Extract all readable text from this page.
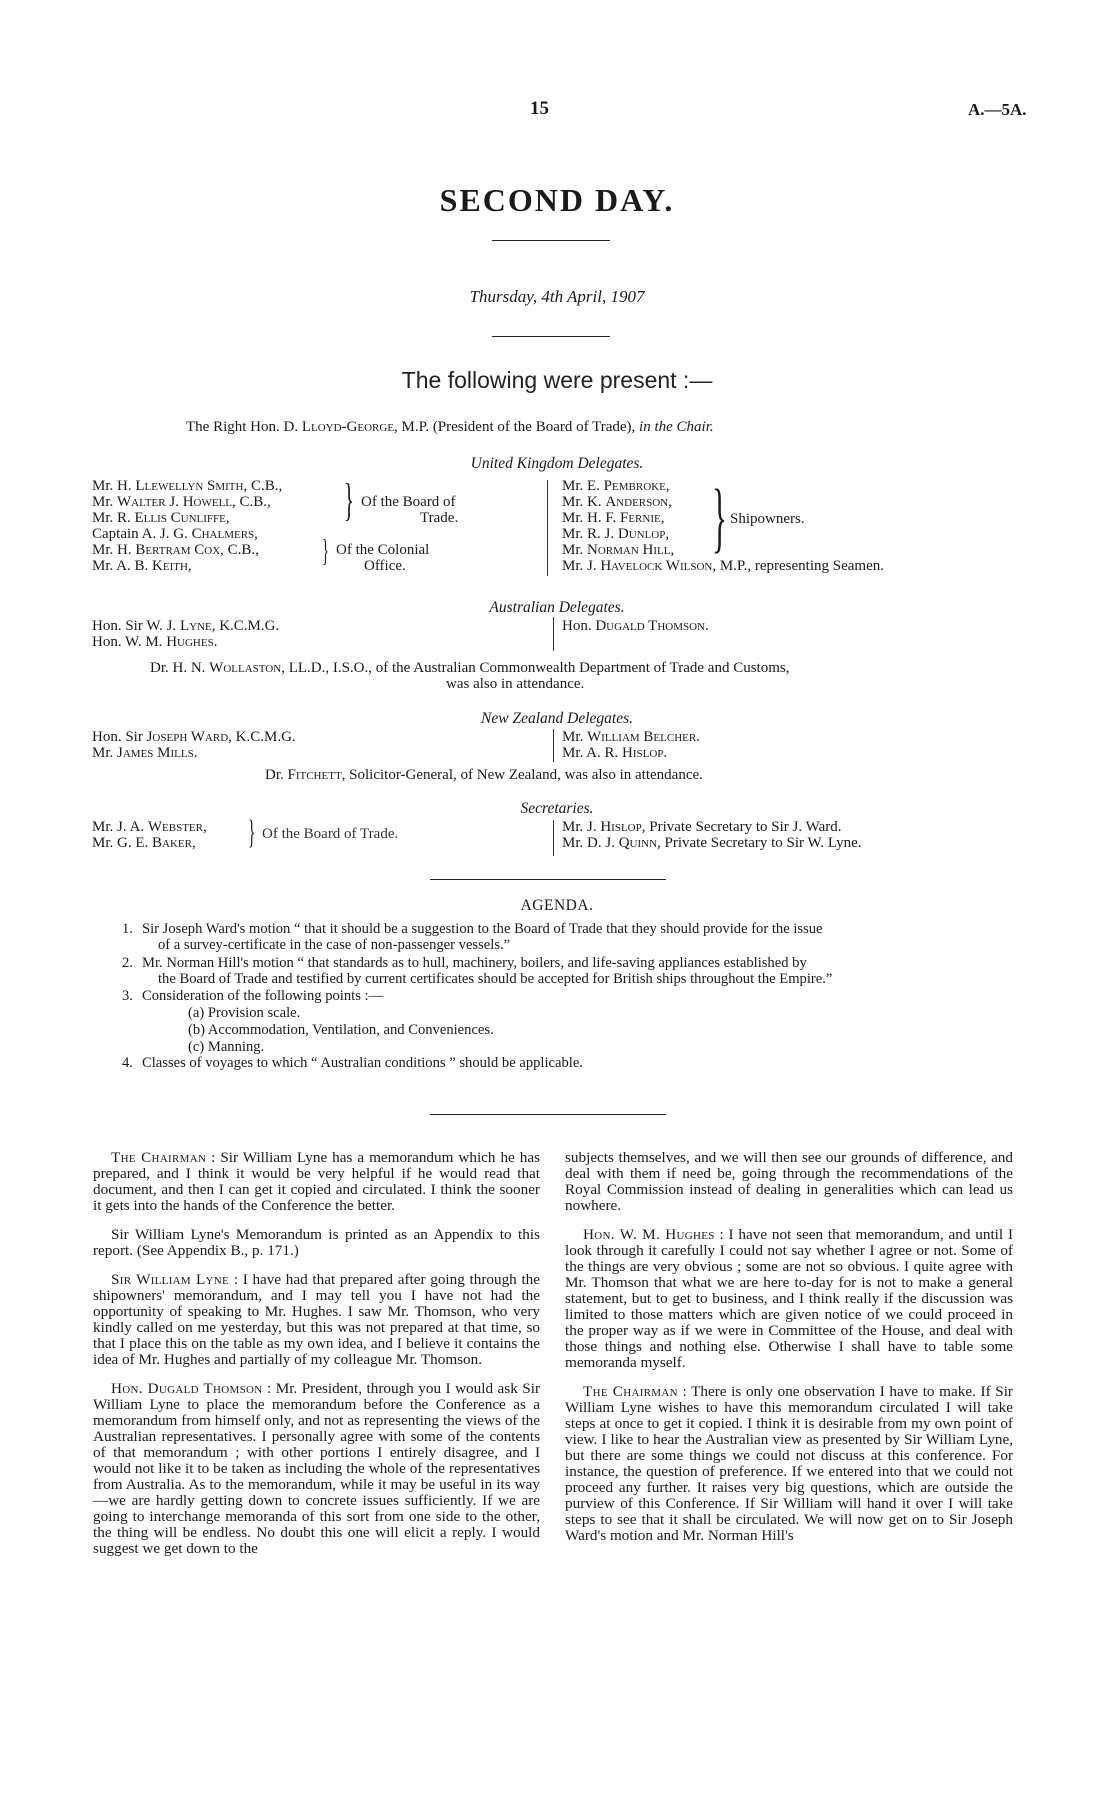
15	A.—5A.
SECOND DAY.
Thursday, 4th April, 1907
The following were present :—
The Right Hon. D. Lloyd-George, M.P. (President of the Board of Trade), in the Chair.
United Kingdom Delegates.
Mr. H. Llewellyn Smith, C.B.,
Mr. Walter J. Howell, C.B.,
Mr. R. Ellis Cunliffe,
Captain A. J. G. Chalmers,
Mr. H. Bertram Cox, C.B.,
Mr. A. B. Keith,
} Of the Board of
Trade.
} Of the Colonial
Office.
Mr. E. Pembroke,
Mr. K. Anderson,
Mr. H. F. Fernie,
Mr. R. J. Dunlop,
Mr. Norman Hill,
Mr. J. Havelock Wilson, M.P., representing Seamen.
} Shipowners.
Australian Delegates.
Hon. Sir W. J. Lyne, K.C.M.G.
Hon. W. M. Hughes.
Hon. Dugald Thomson.
Dr. H. N. Wollaston, LL.D., I.S.O., of the Australian Commonwealth Department of Trade and Customs,
was also in attendance.
New Zealand Delegates.
Hon. Sir Joseph Ward, K.C.M.G.
Mr. James Mills.
Mr. William Belcher.
Mr. A. R. Hislop.
Dr. Fitchett, Solicitor-General, of New Zealand, was also in attendance.
Secretaries.
Mr. J. A. Webster,
Mr. G. E. Baker, } Of the Board of Trade.	Mr. J. Hislop, Private Secretary to Sir J. Ward.
Mr. D. J. Quinn, Private Secretary to Sir W. Lyne.
AGENDA.
1. Sir Joseph Ward's motion “ that it should be a suggestion to the Board of Trade that they should provide for the issue
of a survey-certificate in the case of non-passenger vessels.”
2. Mr. Norman Hill's motion “ that standards as to hull, machinery, boilers, and life-saving appliances established by
the Board of Trade and testified by current certificates should be accepted for British ships throughout the Empire.”
3. Consideration of the following points :—
(a) Provision scale.
(b) Accommodation, Ventilation, and Conveniences.
(c) Manning.
4. Classes of voyages to which “ Australian conditions ” should be applicable.

The Chairman : Sir William Lyne has a memorandum which he has prepared, and I think it would be very helpful if he would read that document, and then I can get it copied and circulated. I think the sooner it gets into the hands of the Conference the better.

Sir William Lyne's Memorandum is printed as an Appendix to this report. (See Appendix B., p. 171.)

Sir William Lyne : I have had that prepared after going through the shipowners' memorandum, and I may tell you I have not had the opportunity of speaking to Mr. Hughes. I saw Mr. Thomson, who very kindly called on me yesterday, but this was not prepared at that time, so that I place this on the table as my own idea, and I believe it contains the idea of Mr. Hughes and partially of my colleague Mr. Thomson.

Hon. Dugald Thomson : Mr. President, through you I would ask Sir William Lyne to place the memorandum before the Conference as a memorandum from himself only, and not as representing the views of the Australian representatives. I personally agree with some of the contents of that memorandum ; with other portions I entirely disagree, and I would not like it to be taken as including the whole of the representatives from Australia. As to the memorandum, while it may be useful in its way—we are hardly getting down to concrete issues sufficiently. If we are going to interchange memoranda of this sort from one side to the other, the thing will be endless. No doubt this one will elicit a reply. I would suggest we get down to the

subjects themselves, and we will then see our grounds of difference, and deal with them if need be, going through the recommendations of the Royal Commission instead of dealing in generalities which can lead us nowhere.

Hon. W. M. Hughes : I have not seen that memorandum, and until I look through it carefully I could not say whether I agree or not. Some of the things are very obvious ; some are not so obvious. I quite agree with Mr. Thomson that what we are here to-day for is not to make a general statement, but to get to business, and I think really if the discussion was limited to those matters which are given notice of we could proceed in the proper way as if we were in Committee of the House, and deal with those things and nothing else. Otherwise I shall have to table some memoranda myself.

The Chairman : There is only one observation I have to make. If Sir William Lyne wishes to have this memorandum circulated I will take steps at once to get it copied. I think it is desirable from my own point of view. I like to hear the Australian view as presented by Sir William Lyne, but there are some things we could not discuss at this conference. For instance, the question of preference. If we entered into that we could not proceed any further. It raises very big questions, which are outside the purview of this Conference. If Sir William will hand it over I will take steps to see that it shall be circulated. We will now get on to Sir Joseph Ward's motion and Mr. Norman Hill's
